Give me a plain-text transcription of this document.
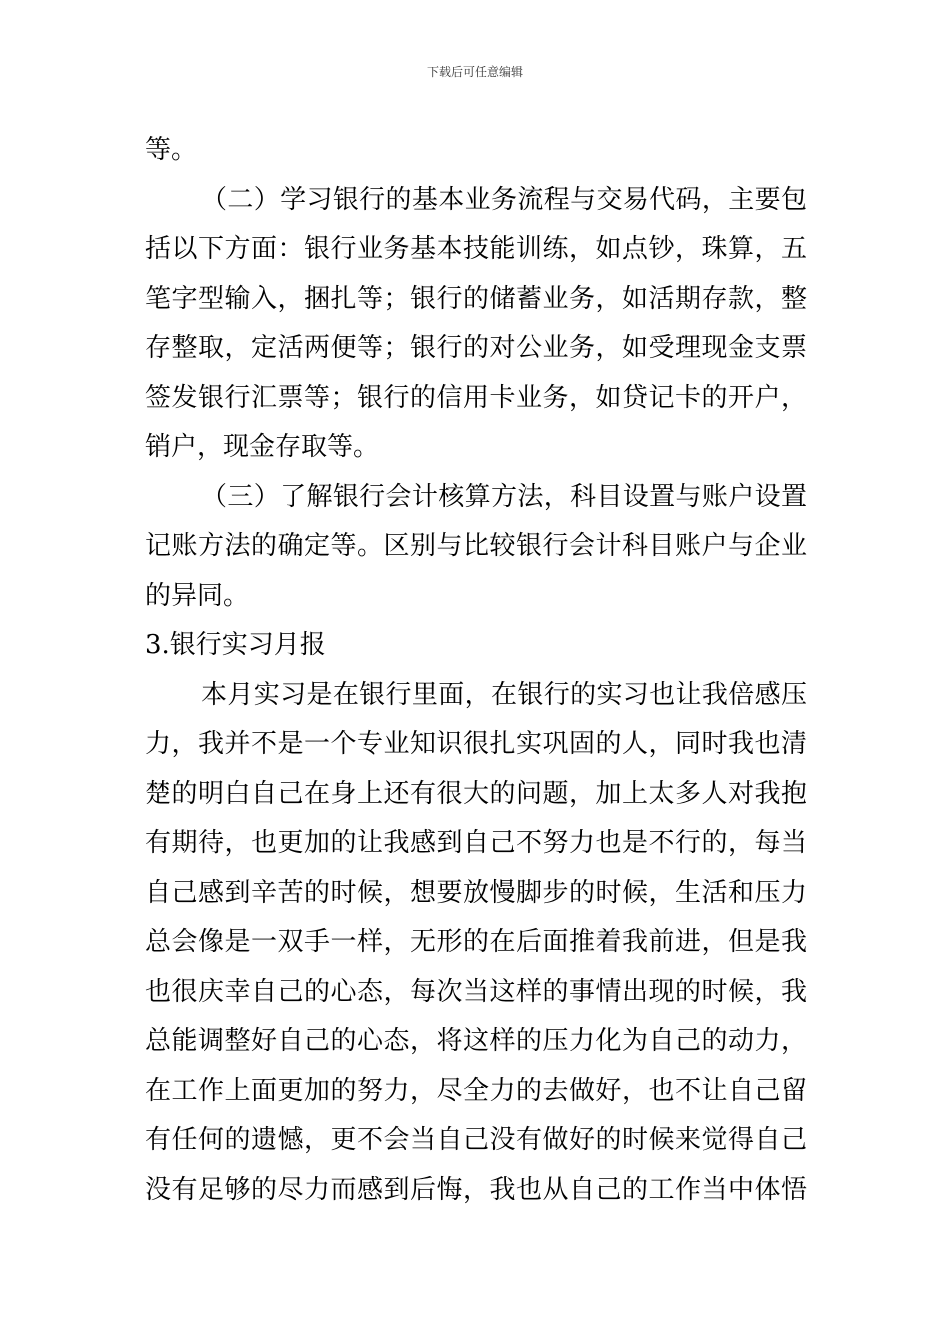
下载后可任意编辑
等。
（二）学习银行的基本业务流程与交易代码，主要包
括以下方面：银行业务基本技能训练，如点钞，珠算，五
笔字型输入，捆扎等；银行的储蓄业务，如活期存款，整
存整取，定活两便等；银行的对公业务，如受理现金支票
签发银行汇票等；银行的信用卡业务，如贷记卡的开户，
销户，现金存取等。
（三）了解银行会计核算方法，科目设置与账户设置
记账方法的确定等。区别与比较银行会计科目账户与企业
的异同。
3.银行实习月报
本月实习是在银行里面，在银行的实习也让我倍感压
力，我并不是一个专业知识很扎实巩固的人，同时我也清
楚的明白自己在身上还有很大的问题，加上太多人对我抱
有期待，也更加的让我感到自己不努力也是不行的，每当
自己感到辛苦的时候，想要放慢脚步的时候，生活和压力
总会像是一双手一样，无形的在后面推着我前进，但是我
也很庆幸自己的心态，每次当这样的事情出现的时候，我
总能调整好自己的心态，将这样的压力化为自己的动力，
在工作上面更加的努力，尽全力的去做好，也不让自己留
有任何的遗憾，更不会当自己没有做好的时候来觉得自己
没有足够的尽力而感到后悔，我也从自己的工作当中体悟
